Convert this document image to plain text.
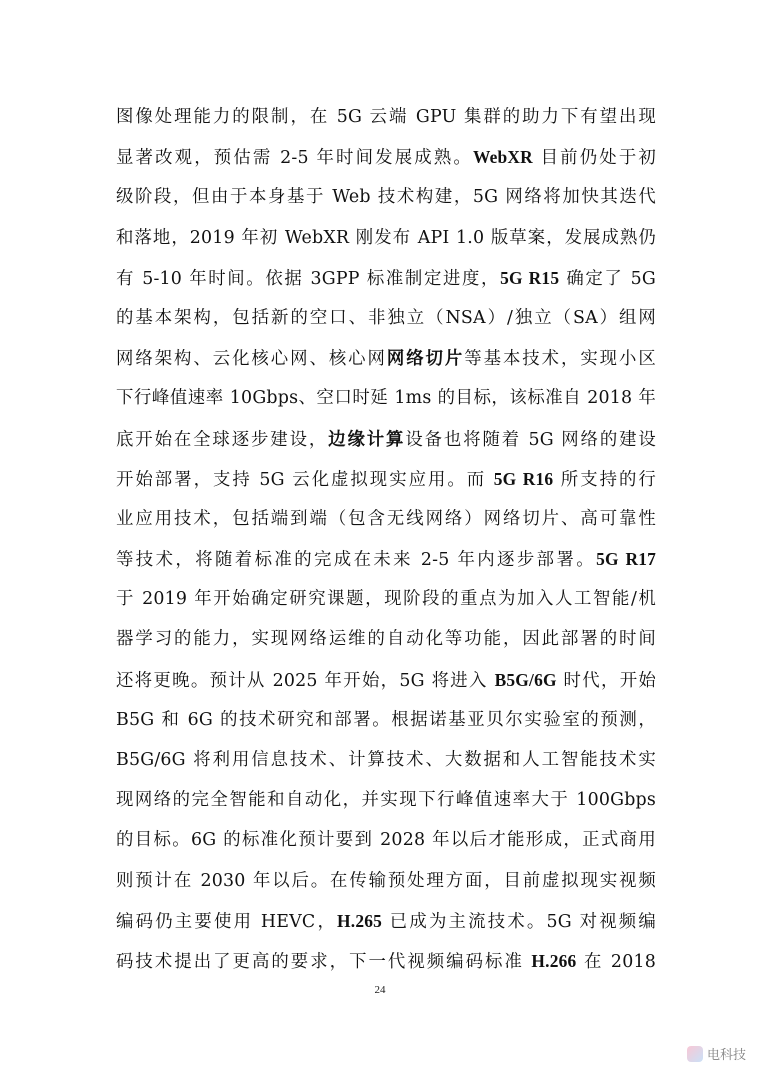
图像处理能力的限制，在 5G 云端 GPU 集群的助力下有望出现
显著改观，预估需 2-5 年时间发展成熟。WebXR 目前仍处于初
级阶段，但由于本身基于 Web 技术构建，5G 网络将加快其迭代
和落地，2019 年初 WebXR 刚发布 API 1.0 版草案，发展成熟仍
有 5-10 年时间。依据 3GPP 标准制定进度，5G R15 确定了 5G
的基本架构，包括新的空口、非独立（NSA）/独立（SA）组网
网络架构、云化核心网、核心网网络切片等基本技术，实现小区
下行峰值速率 10Gbps、空口时延 1ms 的目标，该标准自 2018 年
底开始在全球逐步建设，边缘计算设备也将随着 5G 网络的建设
开始部署，支持 5G 云化虚拟现实应用。而 5G R16 所支持的行
业应用技术，包括端到端（包含无线网络）网络切片、高可靠性
等技术，将随着标准的完成在未来 2-5 年内逐步部署。5G R17
于 2019 年开始确定研究课题，现阶段的重点为加入人工智能/机
器学习的能力，实现网络运维的自动化等功能，因此部署的时间
还将更晚。预计从 2025 年开始，5G 将进入 B5G/6G 时代，开始
B5G 和 6G 的技术研究和部署。根据诺基亚贝尔实验室的预测，
B5G/6G 将利用信息技术、计算技术、大数据和人工智能技术实
现网络的完全智能和自动化，并实现下行峰值速率大于 100Gbps
的目标。6G 的标准化预计要到 2028 年以后才能形成，正式商用
则预计在 2030 年以后。在传输预处理方面，目前虚拟现实视频
编码仍主要使用 HEVC，H.265 已成为主流技术。5G 对视频编
码技术提出了更高的要求，下一代视频编码标准 H.266 在 2018
24
电科技
